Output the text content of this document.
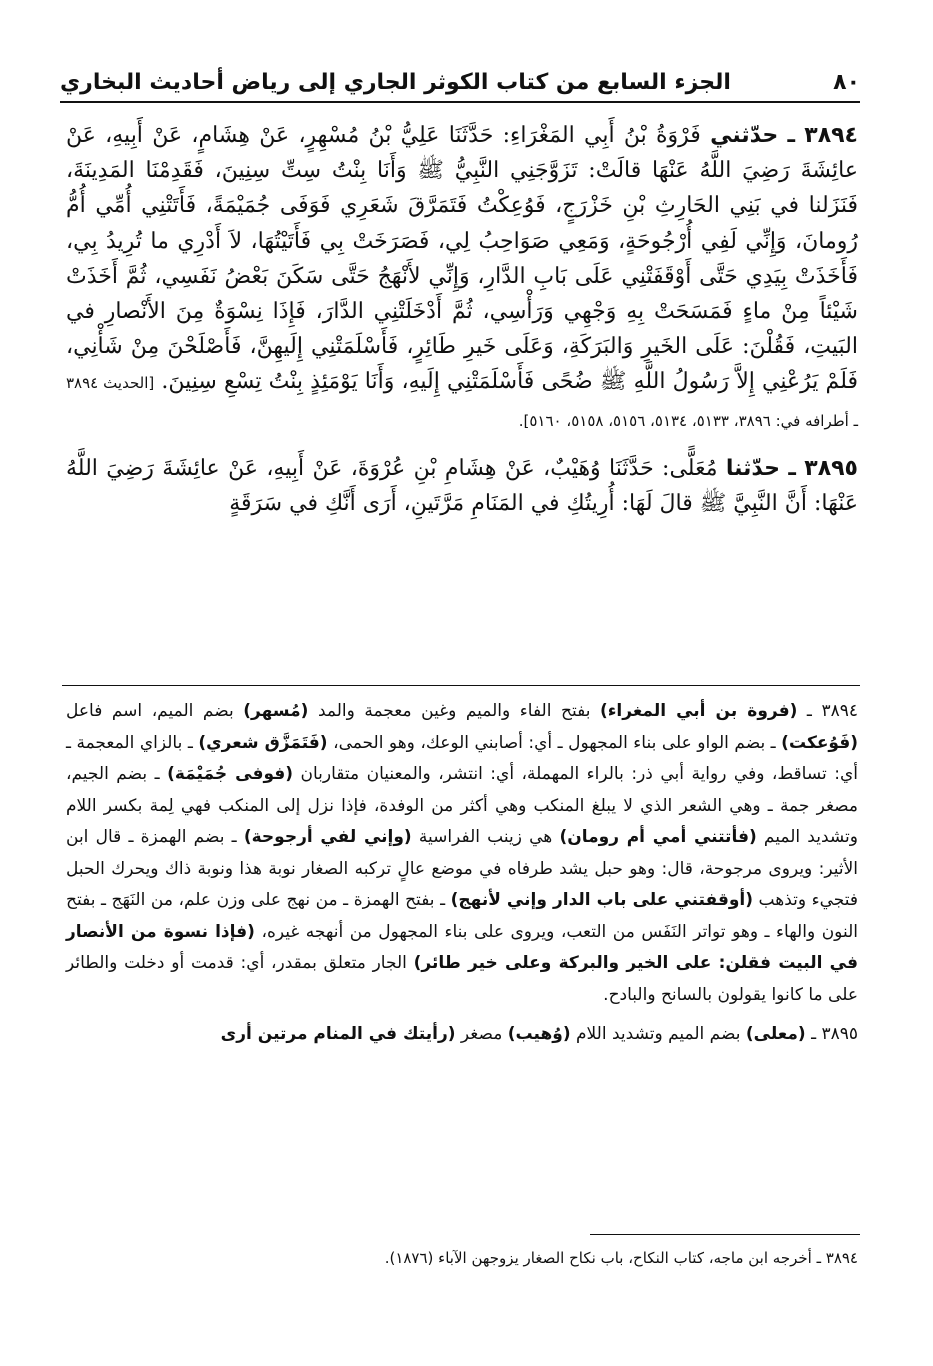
٨٠
الجزء السابع من كتاب الكوثر الجاري إلى رياض أحاديث البخاري

٣٨٩٤ ـ حدّثني فَرْوَةُ بْنُ أَبِي المَغْرَاءِ: حَدَّثَنَا عَلِيُّ بْنُ مُسْهِرٍ، عَنْ هِشَامٍ، عَنْ أَبِيهِ، عَنْ عائِشَةَ رَضِيَ اللَّهُ عَنْهَا قالَتْ: تَزَوَّجَنِي النَّبِيُّ ﷺ وَأَنَا بِنْتُ سِتِّ سِنِينَ، فَقَدِمْنَا المَدِينَةَ، فَنَزَلنا في بَنِي الحَارِثِ بْنِ خَزْرَجٍ، فَوُعِكْتُ فَتَمَرَّقَ شَعَرِي فَوَفَى جُمَيْمَةً، فَأَتَتْنِي أُمِّي أُمُّ رُومانَ، وَإِنِّي لَفِي أُرْجُوحَةٍ، وَمَعِي صَوَاحِبُ لِي، فَصَرَخَتْ بِي فَأَتَيْتُهَا، لاَ أَدْرِي ما تُرِيدُ بِي، فَأَخَذَتْ بِيَدِي حَتَّى أَوْقَفَتْنِي عَلَى بَابِ الدَّارِ، وَإِنِّي لأَنْهَجُ حَتَّى سَكَنَ بَعْضُ نَفَسِي، ثُمَّ أَخَذَتْ شَيْئاً مِنْ ماءٍ فَمَسَحَتْ بِهِ وَجْهِي وَرَأْسِي، ثُمَّ أَدْخَلَتْنِي الدَّارَ، فَإِذَا نِسْوَةٌ مِنَ الأَنْصارِ في البَيتِ، فَقُلْنَ: عَلَى الخَيرِ وَالبَرَكَةِ، وَعَلَى خَيرِ طَائِرٍ، فَأَسْلَمَتْنِي إِلَيهِنَّ، فَأَصْلَحْنَ مِنْ شَأْنِي، فَلَمْ يَرُعْنِي إِلاَّ رَسُولُ اللَّهِ ﷺ ضُحًى فَأَسْلَمَتْنِي إِلَيهِ، وَأَنَا يَوْمَئِذٍ بِنْتُ تِسْعِ سِنِينَ. [الحديث ٣٨٩٤ ـ أطرافه في: ٣٨٩٦، ٥١٣٣، ٥١٣٤، ٥١٥٦، ٥١٥٨، ٥١٦٠].

٣٨٩٥ ـ حدّثنا مُعَلًّى: حَدَّثَنَا وُهَيْبٌ، عَنْ هِشَامِ بْنِ عُرْوَةَ، عَنْ أَبِيهِ، عَنْ عائِشَةَ رَضِيَ اللَّهُ عَنْهَا: أَنَّ النَّبِيَّ ﷺ قالَ لَهَا: أُرِيتُكِ في المَنَامِ مَرَّتَينِ، أَرَى أَنَّكِ في سَرَقَةٍ

٣٨٩٤ ـ (فروة بن أبي المغراء) بفتح الفاء والميم وغين معجمة والمد (مُسهر) بضم الميم، اسم فاعل (فَوُعكت) ـ بضم الواو على بناء المجهول ـ أي: أصابني الوعك، وهو الحمى، (فَتَمَزَّق شعري) ـ بالزاي المعجمة ـ أي: تساقط، وفي رواية أبي ذر: بالراء المهملة، أي: انتشر، والمعنيان متقاربان (فوفى جُمَيْمَة) ـ بضم الجيم، مصغر جمة ـ وهي الشعر الذي لا يبلغ المنكب وهي أكثر من الوفدة، فإذا نزل إلى المنكب فهي لِمة بكسر اللام وتشديد الميم (فأتتني أمي أم رومان) هي زينب الفراسية (وإني لفي أرجوحة) ـ بضم الهمزة ـ قال ابن الأثير: ويروى مرجوحة، قال: وهو حبل يشد طرفاه في موضع عالٍ تركبه الصغار نوبة هذا ونوبة ذاك ويحرك الحبل فتجيء وتذهب (أوقفتني على باب الدار وإني لأنهج) ـ بفتح الهمزة ـ من نهج على وزن علم، من النَهَج ـ بفتح النون والهاء ـ وهو تواتر النَفَس من التعب، ويروى على بناء المجهول من أنهجه غيره، (فإذا نسوة من الأنصار في البيت فقلن: على الخير والبركة وعلى خير طائر) الجار متعلق بمقدر، أي: قدمت أو دخلت والطائر على ما كانوا يقولون بالسانح والبادح.

٣٨٩٥ ـ (معلى) بضم الميم وتشديد اللام (وُهيب) مصغر (رأيتك في المنام مرتين أرى

٣٨٩٤ ـ أخرجه ابن ماجه، كتاب النكاح، باب نكاح الصغار يزوجهن الآباء (١٨٧٦).
